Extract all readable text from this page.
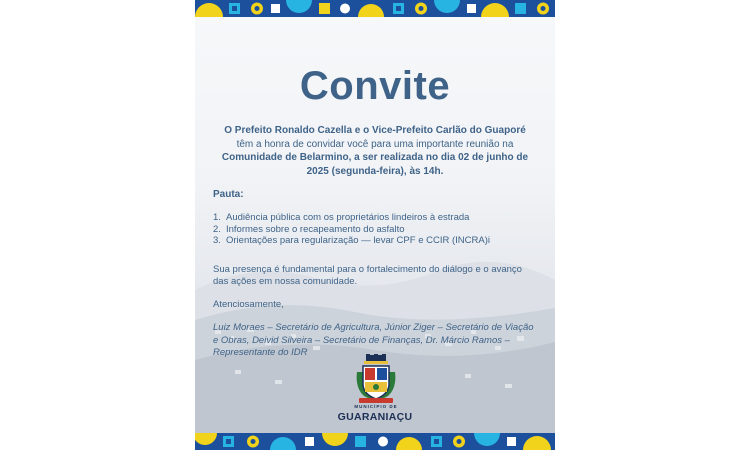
Convite

O Prefeito Ronaldo Cazella e o Vice-Prefeito Carlão do Guaporé têm a honra de convidar você para uma importante reunião na Comunidade de Belarmino, a ser realizada no dia 02 de junho de 2025 (segunda-feira), às 14h.

Pauta:

1. Audiência pública com os proprietários lindeiros à estrada
2. Informes sobre o recapeamento do asfalto
3. Orientações para regularização — levar CPF e CCIR (INCRA)i

Sua presença é fundamental para o fortalecimento do diálogo e o avanço das ações em nossa comunidade.

Atenciosamente,

Luiz Moraes – Secretário de Agricultura, Júnior Ziger – Secretário de Viação e Obras, Deivid Silveira – Secretário de Finanças, Dr. Márcio Ramos – Representante do IDR

MUNICÍPIO DE

GUARANIAÇU
